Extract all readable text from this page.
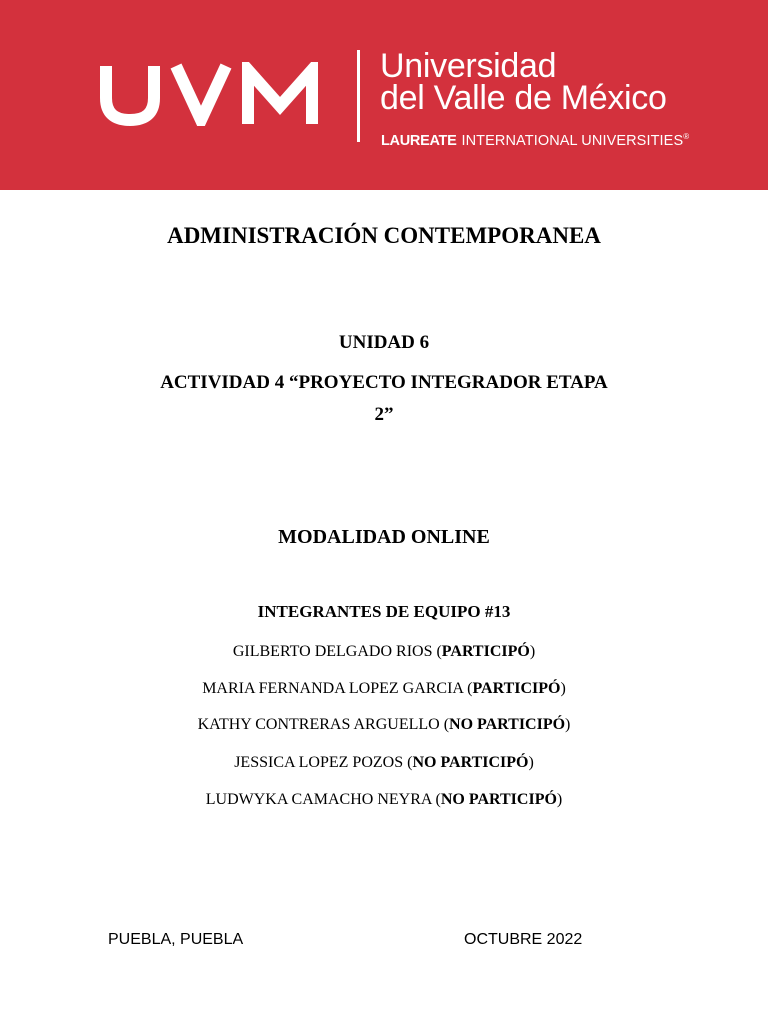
Universidad
del Valle de México
LAUREATE INTERNATIONAL UNIVERSITIES®
ADMINISTRACIÓN CONTEMPORANEA
UNIDAD 6
ACTIVIDAD 4 “PROYECTO INTEGRADOR ETAPA
2”
MODALIDAD ONLINE
INTEGRANTES DE EQUIPO #13
GILBERTO DELGADO RIOS (PARTICIPÓ)
MARIA FERNANDA LOPEZ GARCIA (PARTICIPÓ)
KATHY CONTRERAS ARGUELLO (NO PARTICIPÓ)
JESSICA LOPEZ POZOS (NO PARTICIPÓ)
LUDWYKA CAMACHO NEYRA (NO PARTICIPÓ)
PUEBLA, PUEBLA	OCTUBRE 2022
